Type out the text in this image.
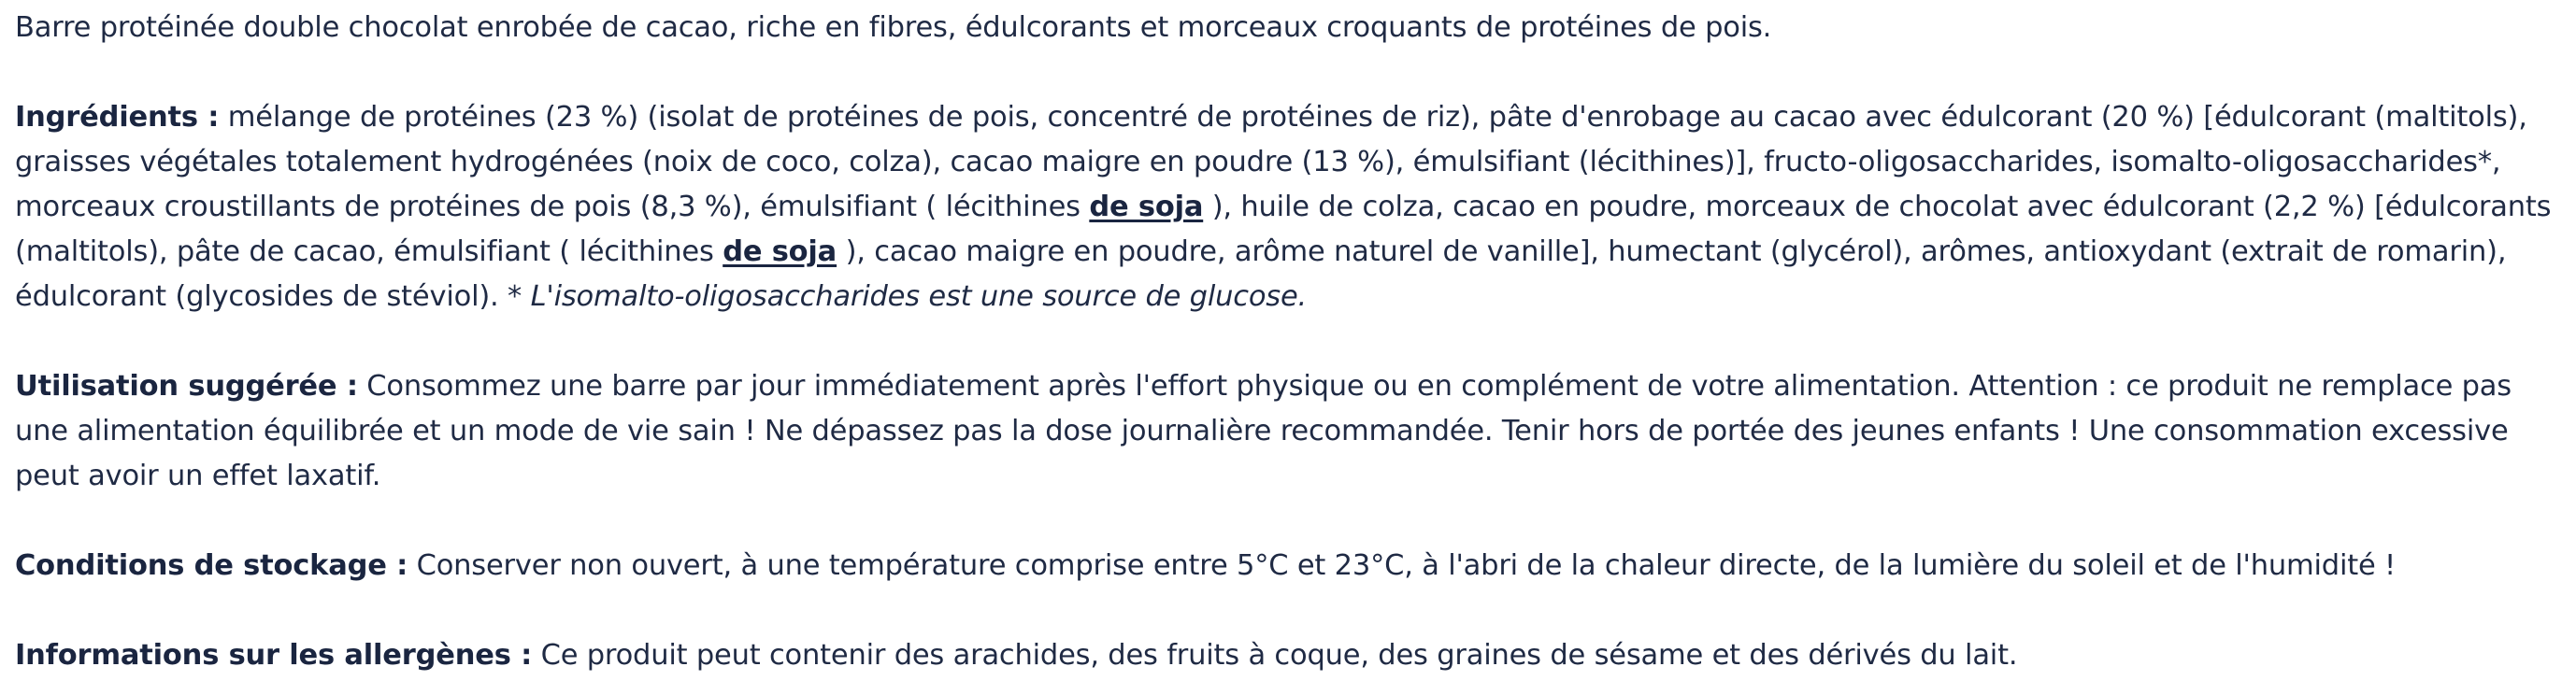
Barre protéinée double chocolat enrobée de cacao, riche en fibres, édulcorants et morceaux croquants de protéines de pois.

Ingrédients : mélange de protéines (23 %) (isolat de protéines de pois, concentré de protéines de riz), pâte d'enrobage au cacao avec édulcorant (20 %) [édulcorant (maltitols), graisses végétales totalement hydrogénées (noix de coco, colza), cacao maigre en poudre (13 %), émulsifiant (lécithines)], fructo-oligosaccharides, isomalto-oligosaccharides*, morceaux croustillants de protéines de pois (8,3 %), émulsifiant ( lécithines de soja ), huile de colza, cacao en poudre, morceaux de chocolat avec édulcorant (2,2 %) [édulcorants (maltitols), pâte de cacao, émulsifiant ( lécithines de soja ), cacao maigre en poudre, arôme naturel de vanille], humectant (glycérol), arômes, antioxydant (extrait de romarin), édulcorant (glycosides de stéviol). * L'isomalto-oligosaccharides est une source de glucose.

Utilisation suggérée : Consommez une barre par jour immédiatement après l'effort physique ou en complément de votre alimentation. Attention : ce produit ne remplace pas une alimentation équilibrée et un mode de vie sain ! Ne dépassez pas la dose journalière recommandée. Tenir hors de portée des jeunes enfants ! Une consommation excessive peut avoir un effet laxatif.

Conditions de stockage : Conserver non ouvert, à une température comprise entre 5°C et 23°C, à l'abri de la chaleur directe, de la lumière du soleil et de l'humidité !

Informations sur les allergènes : Ce produit peut contenir des arachides, des fruits à coque, des graines de sésame et des dérivés du lait.
